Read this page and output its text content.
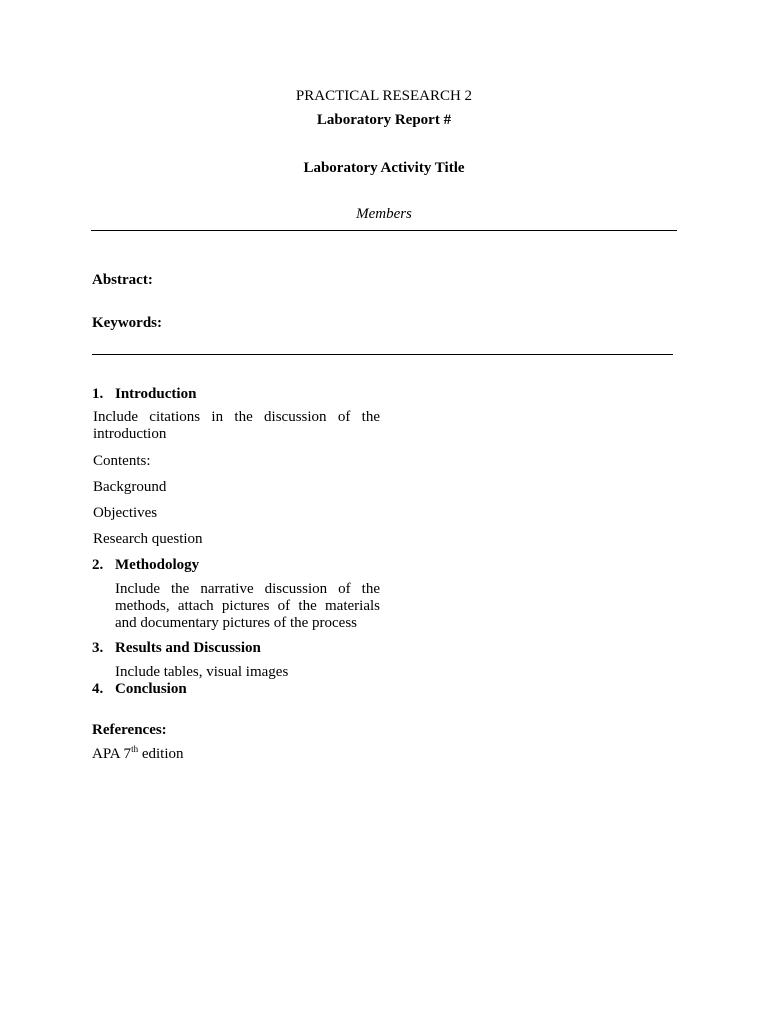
PRACTICAL RESEARCH 2
Laboratory Report #
Laboratory Activity Title
Members
Abstract:
Keywords:
1. Introduction
Include citations in the discussion of the introduction
Contents:
Background
Objectives
Research question
2. Methodology
Include the narrative discussion of the methods, attach pictures of the materials and documentary pictures of the process
3. Results and Discussion
Include tables, visual images
4. Conclusion
References:
APA 7th edition
